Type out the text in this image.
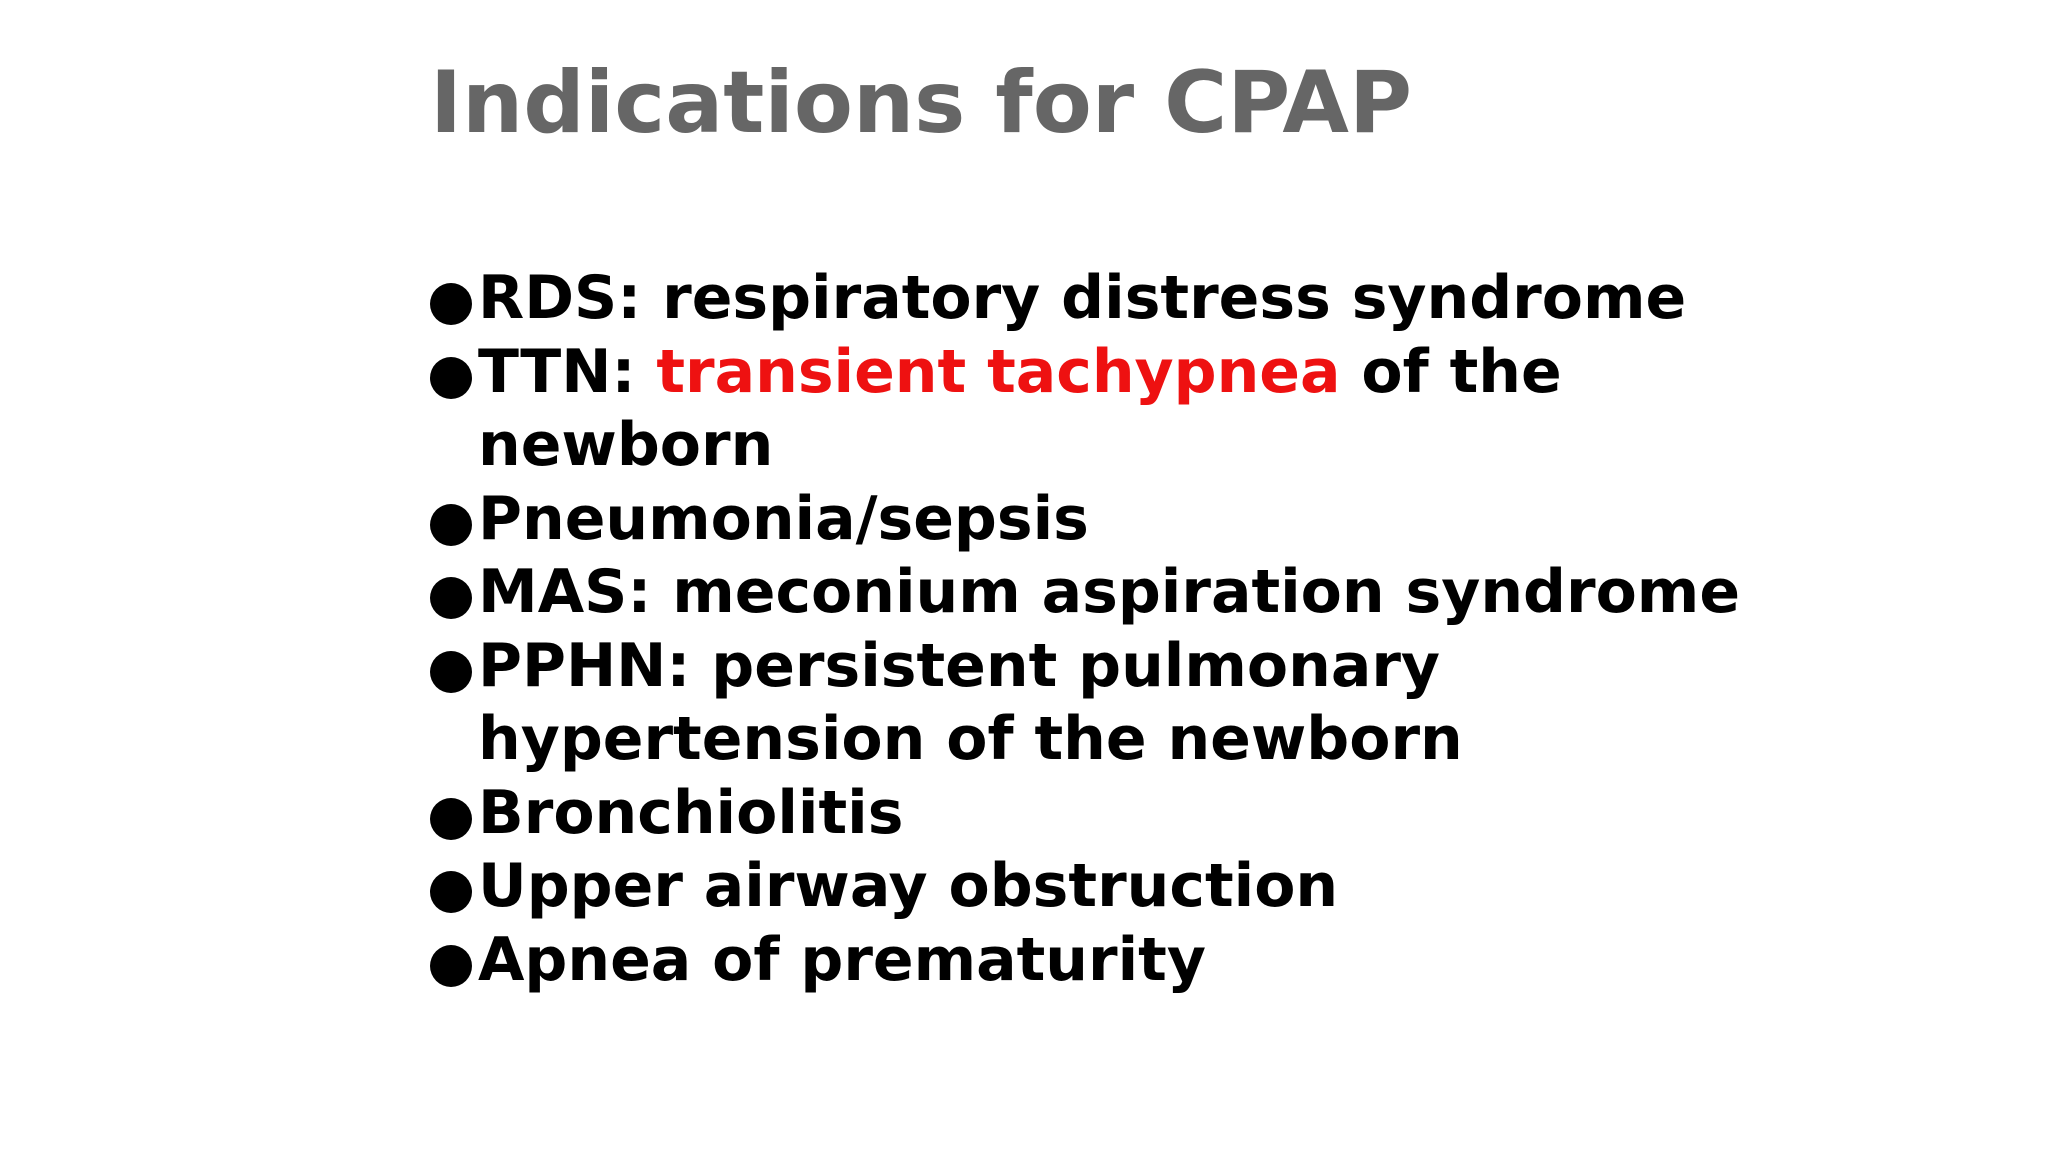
Indications for CPAP
RDS: respiratory distress syndrome
TTN: transient tachypnea of the
newborn
Pneumonia/sepsis
MAS: meconium aspiration syndrome
PPHN: persistent pulmonary
hypertension of the newborn
Bronchiolitis
Upper airway obstruction
Apnea of prematurity
